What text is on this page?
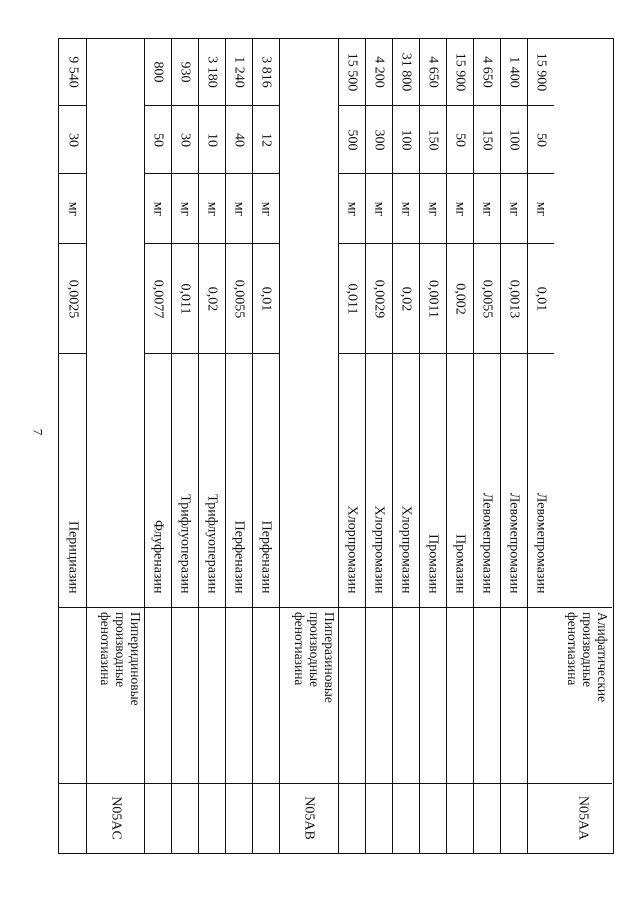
7
Алифатические
производные
фенотиазина
N05AA
15 900
50
мг
0,01
Левомепромазин
1 400
100
мг
0,0013
Левомепромазин
4 650
150
мг
0,0055
Левомепромазин
15 900
50
мг
0,002
Промазин
4 650
150
мг
0,0011
Промазин
31 800
100
мг
0,02
Хлорпромазин
4 200
300
мг
0,0029
Хлорпромазин
15 500
500
мг
0,011
Хлорпромазин
Пиперазиновые
производные
фенотиазина
N05AB
3 816
12
мг
0,01
Перфеназин
1 240
40
мг
0,0055
Перфеназин
3 180
10
мг
0,02
Трифлуоперазин
930
30
мг
0,011
Трифлуоперазин
800
50
мг
0,0077
Флуфеназин
Пиперидиновые
производные
фенотиазина
N05AC
9 540
30
мг
0,0025
Перициазин
